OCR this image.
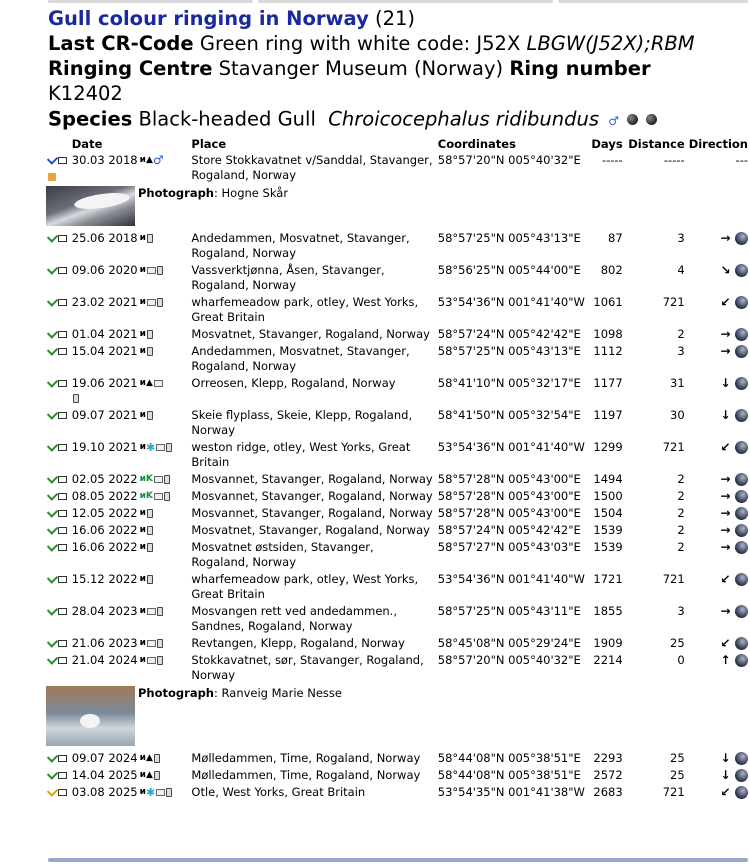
Gull colour ringing in Norway (21)
Last CR-Code Green ring with white code: J52X LBGW(J52X);RBM
Ringing Centre Stavanger Museum (Norway) Ring number
K12402
Species Black-headed Gull Chroicocephalus ridibundus ♂
	Date	Place	Coordinates	Days	Distance	Direction

	30.03 2018 ᴎ▲♂	Store Stokkavatnet v/Sanddal, Stavanger, Rogaland, Norway	58°57'20"N 005°40'32"E	-----	-----	---

Photograph: Hogne Skår						

	25.06 2018 ᴎ	Andedammen, Mosvatnet, Stavanger, Rogaland, Norway	58°57'25"N 005°43'13"E	87	3	→
	09.06 2020 ᴎ	Vassverktjønna, Åsen, Stavanger, Rogaland, Norway	58°56'25"N 005°44'00"E	802	4	↘
	23.02 2021 ᴎ	wharfemeadow park, otley, West Yorks, Great Britain	53°54'36"N 001°41'40"W	1061	721	↙
	01.04 2021 ᴎ	Mosvatnet, Stavanger, Rogaland, Norway	58°57'24"N 005°42'42"E	1098	2	→
	15.04 2021 ᴎ	Andedammen, Mosvatnet, Stavanger, Rogaland, Norway	58°57'25"N 005°43'13"E	1112	3	→
	19.06 2021 ᴎ▲	Orreosen, Klepp, Rogaland, Norway	58°41'10"N 005°32'17"E	1177	31	↓
	09.07 2021 ᴎ	Skeie flyplass, Skeie, Klepp, Rogaland, Norway	58°41'50"N 005°32'54"E	1197	30	↓
	19.10 2021 ᴎ✱	weston ridge, otley, West Yorks, Great Britain	53°54'36"N 001°41'40"W	1299	721	↙
	02.05 2022 ᴎK	Mosvannet, Stavanger, Rogaland, Norway	58°57'28"N 005°43'00"E	1494	2	→
	08.05 2022 ᴎK	Mosvannet, Stavanger, Rogaland, Norway	58°57'28"N 005°43'00"E	1500	2	→
	12.05 2022 ᴎ	Mosvannet, Stavanger, Rogaland, Norway	58°57'28"N 005°43'00"E	1504	2	→
	16.06 2022 ᴎ	Mosvatnet, Stavanger, Rogaland, Norway	58°57'24"N 005°42'42"E	1539	2	→
	16.06 2022 ᴎ	Mosvatnet østsiden, Stavanger, Rogaland, Norway	58°57'27"N 005°43'03"E	1539	2	→
	15.12 2022 ᴎ	wharfemeadow park, otley, West Yorks, Great Britain	53°54'36"N 001°41'40"W	1721	721	↙
	28.04 2023 ᴎ	Mosvangen rett ved andedammen., Sandnes, Rogaland, Norway	58°57'25"N 005°43'11"E	1855	3	→
	21.06 2023 ᴎ	Revtangen, Klepp, Rogaland, Norway	58°45'08"N 005°29'24"E	1909	25	↙
	21.04 2024 ᴎ	Stokkavatnet, sør, Stavanger, Rogaland, Norway	58°57'20"N 005°40'32"E	2214	0	↑

Photograph: Ranveig Marie Nesse						

	09.07 2024 ᴎ▲	Mølledammen, Time, Rogaland, Norway	58°44'08"N 005°38'51"E	2293	25	↓
	14.04 2025 ᴎ▲	Mølledammen, Time, Rogaland, Norway	58°44'08"N 005°38'51"E	2572	25	↓
	03.08 2025 ᴎ✱	Otle, West Yorks, Great Britain	53°54'35"N 001°41'38"W	2683	721	↙
